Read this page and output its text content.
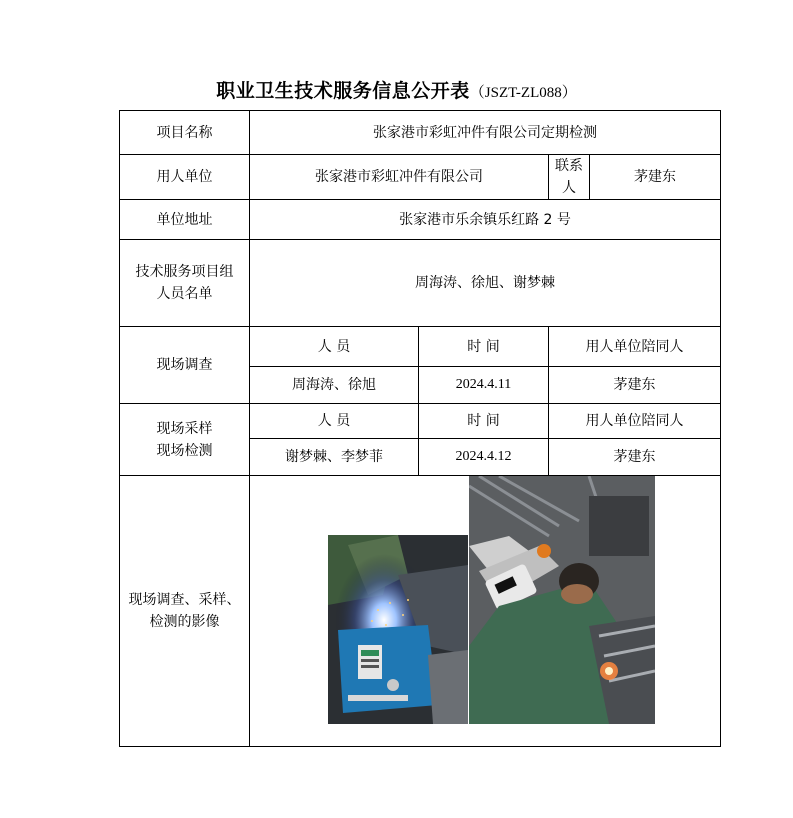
职业卫生技术服务信息公开表（JSZT-ZL088）
项目名称	张家港市彩虹冲件有限公司定期检测			
用人单位	张家港市彩虹冲件有限公司		联系人	茅建东
单位地址	张家港市乐余镇乐红路 2 号			

技术服务项目组
人员名单	周海涛、徐旭、谢梦棘			
现场调查	人 员	时 间	用人单位陪同人	
	周海涛、徐旭	2024.4.11	茅建东	

现场采样
现场检测	人 员	时 间	用人单位陪同人	
	谢梦棘、李梦菲	2024.4.12	茅建东	

现场调查、采样、
检测的影像
